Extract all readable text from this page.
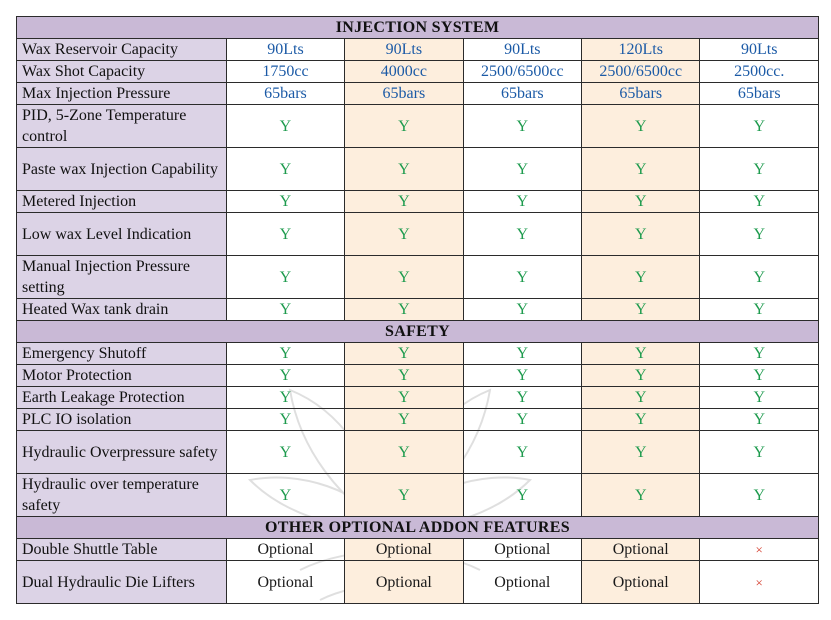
INJECTION SYSTEM					
Wax Reservoir Capacity	90Lts	90Lts	90Lts	120Lts	90Lts
Wax Shot Capacity	1750cc	4000cc	2500/6500cc	2500/6500cc	2500cc.
Max Injection Pressure	65bars	65bars	65bars	65bars	65bars
PID, 5-Zone Temperature control	Y	Y	Y	Y	Y
Paste wax Injection Capability	Y	Y	Y	Y	Y
Metered Injection	Y	Y	Y	Y	Y
Low wax Level Indication	Y	Y	Y	Y	Y
Manual Injection Pressure setting	Y	Y	Y	Y	Y
Heated Wax tank drain	Y	Y	Y	Y	Y
SAFETY					
Emergency Shutoff	Y	Y	Y	Y	Y
Motor Protection	Y	Y	Y	Y	Y
Earth Leakage Protection	Y	Y	Y	Y	Y
PLC IO isolation	Y	Y	Y	Y	Y
Hydraulic Overpressure safety	Y	Y	Y	Y	Y
Hydraulic over temperature safety	Y	Y	Y	Y	Y
OTHER OPTIONAL ADDON FEATURES					
Double Shuttle Table	Optional	Optional	Optional	Optional	×
Dual Hydraulic Die Lifters	Optional	Optional	Optional	Optional	×
